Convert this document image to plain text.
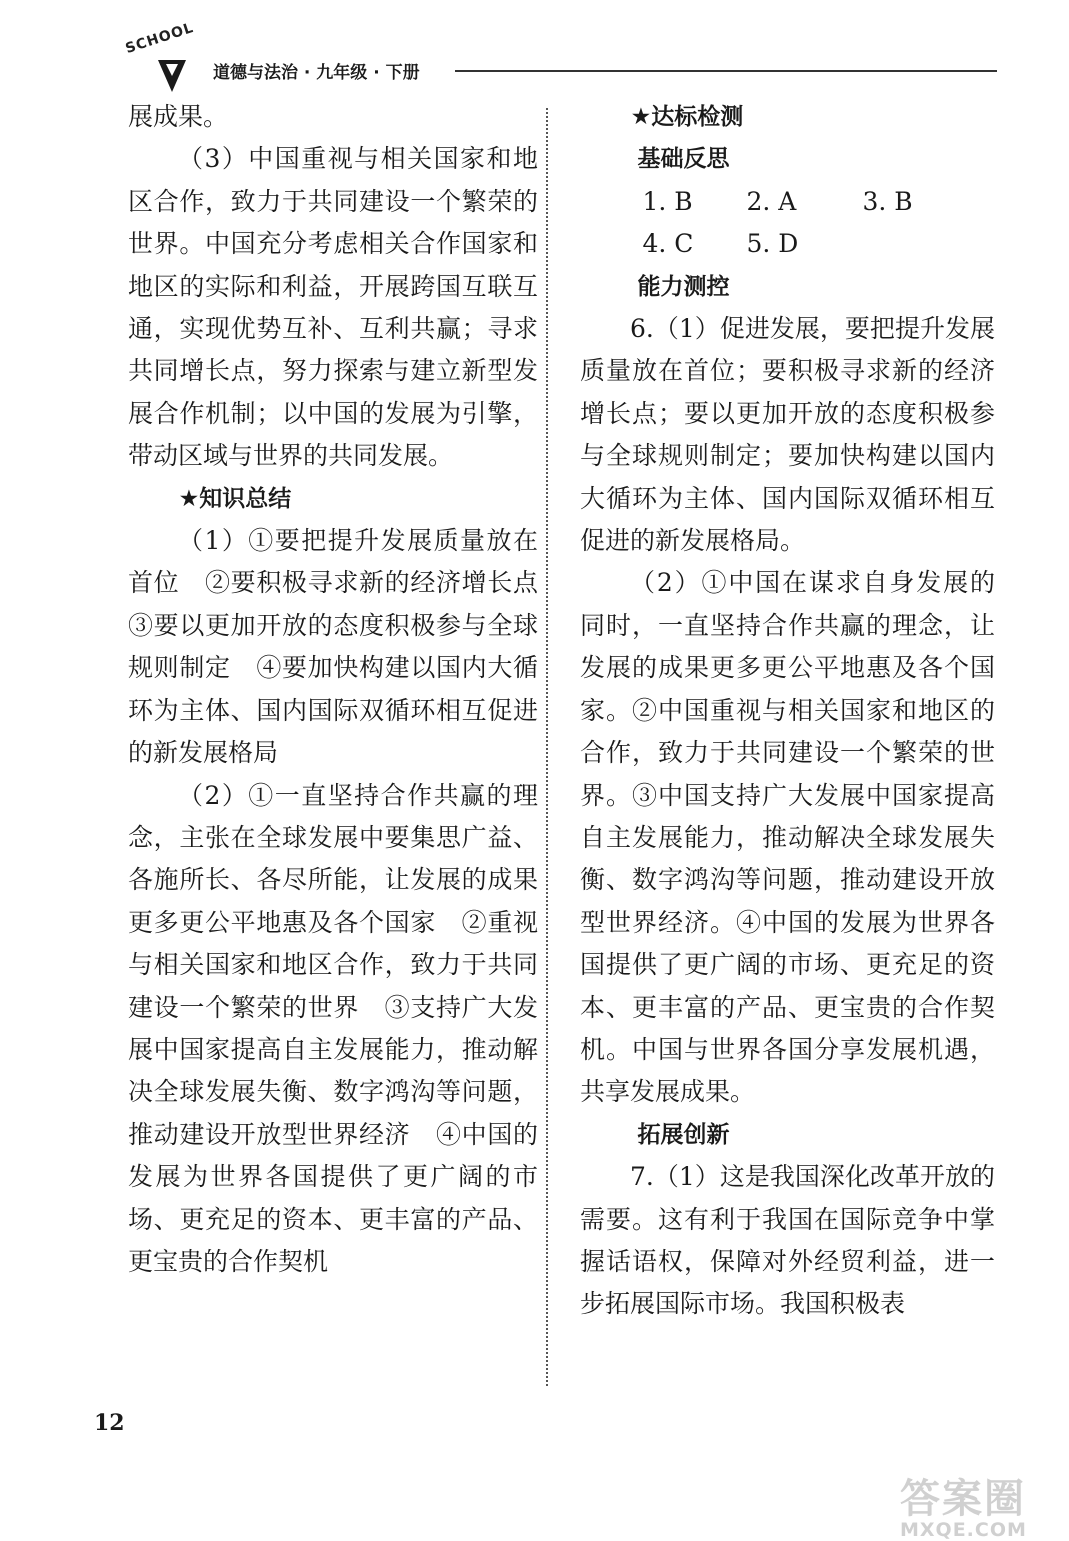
SCHOOL
道德与法治 · 九年级 · 下册

展成果。

（3）中国重视与相关国家和地区合作，致力于共同建设一个繁荣的世界。中国充分考虑相关合作国家和地区的实际和利益，开展跨国互联互通，实现优势互补、互利共赢；寻求共同增长点，努力探索与建立新型发展合作机制；以中国的发展为引擎，带动区域与世界的共同发展。

★知识总结

（1）①要把提升发展质量放在首位　②要积极寻求新的经济增长点　③要以更加开放的态度积极参与全球规则制定　④要加快构建以国内大循环为主体、国内国际双循环相互促进的新发展格局

（2）①一直坚持合作共赢的理念，主张在全球发展中要集思广益、各施所长、各尽所能，让发展的成果更多更公平地惠及各个国家　②重视与相关国家和地区合作，致力于共同建设一个繁荣的世界　③支持广大发展中国家提高自主发展能力，推动解决全球发展失衡、数字鸿沟等问题，推动建设开放型世界经济　④中国的发展为世界各国提供了更广阔的市场、更充足的资本、更丰富的产品、更宝贵的合作契机

★达标检测

基础反思

1. B	2. A	3. B
4. C	5. D

能力测控

6.（1）促进发展，要把提升发展质量放在首位；要积极寻求新的经济增长点；要以更加开放的态度积极参与全球规则制定；要加快构建以国内大循环为主体、国内国际双循环相互促进的新发展格局。

（2）①中国在谋求自身发展的同时，一直坚持合作共赢的理念，让发展的成果更多更公平地惠及各个国家。②中国重视与相关国家和地区的合作，致力于共同建设一个繁荣的世界。③中国支持广大发展中国家提高自主发展能力，推动解决全球发展失衡、数字鸿沟等问题，推动建设开放型世界经济。④中国的发展为世界各国提供了更广阔的市场、更充足的资本、更丰富的产品、更宝贵的合作契机。中国与世界各国分享发展机遇，共享发展成果。

拓展创新

7.（1）这是我国深化改革开放的需要。这有利于我国在国际竞争中掌握话语权，保障对外经贸利益，进一步拓展国际市场。我国积极表

12
答案圈
MXQE.COM
